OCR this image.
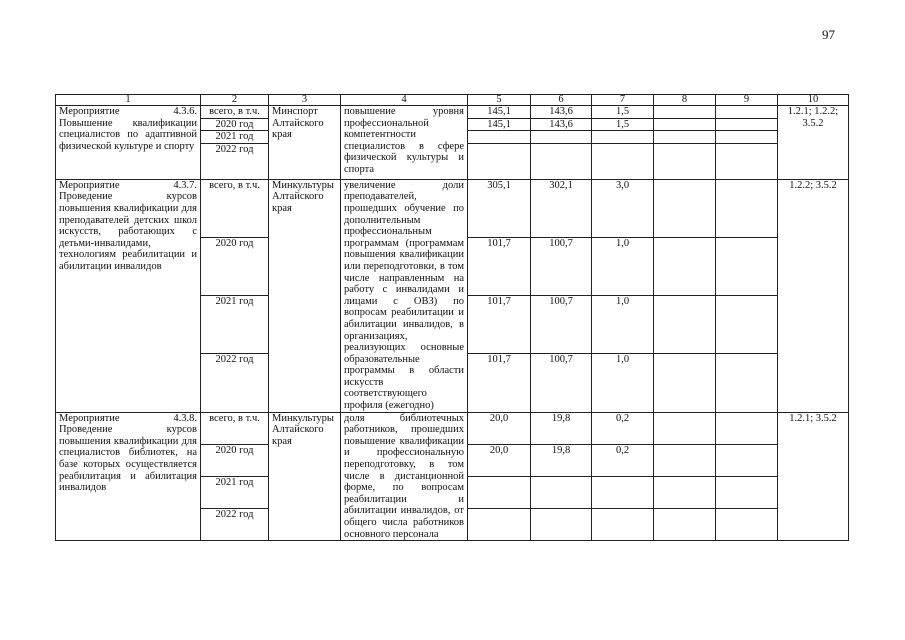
97
1	2	3	4	5	6	7	8	9	10
Мероприятие 4.3.6. Повышение квалификации специалистов по адаптивной физической культуре и спорту	всего, в т.ч.	Минспорт Алтайского края	повышение уровня профессиональной компетентности специалистов в сфере физической культуры и спорта	145,1	143,6	1,5			1.2.1; 1.2.2; 3.5.2
	2020 год			145,1	143,6	1,5			
	2021 год								
	2022 год								
Мероприятие 4.3.7. Проведение курсов повышения квалификации для преподавателей детских школ искусств, работающих с детьми-инвалидами, технологиям реабилитации и абилитации инвалидов	всего, в т.ч.	Минкультуры Алтайского края	увеличение доли преподавателей, прошедших обучение по дополнительным профессиональным программам (программам повышения квалификации или переподготовки, в том числе направленным на работу с инвалидами и лицами с ОВЗ) по вопросам реабилитации и абилитации инвалидов, в организациях, реализующих основные образовательные программы в области искусств соответствующего профиля (ежегодно)	305,1	302,1	3,0			1.2.2; 3.5.2
	2020 год			101,7	100,7	1,0			
	2021 год			101,7	100,7	1,0			
	2022 год			101,7	100,7	1,0			
Мероприятие 4.3.8. Проведение курсов повышения квалификации для специалистов библиотек, на базе которых осуществляется реабилитация и абилитация инвалидов	всего, в т.ч.	Минкультуры Алтайского края	доля библиотечных работников, прошедших повышение квалификации и профессиональную переподготовку, в том числе в дистанционной форме, по вопросам реабилитации и абилитации инвалидов, от общего числа работников основного персонала	20,0	19,8	0,2			1.2.1; 3.5.2
	2020 год			20,0	19,8	0,2			
	2021 год								
	2022 год								
